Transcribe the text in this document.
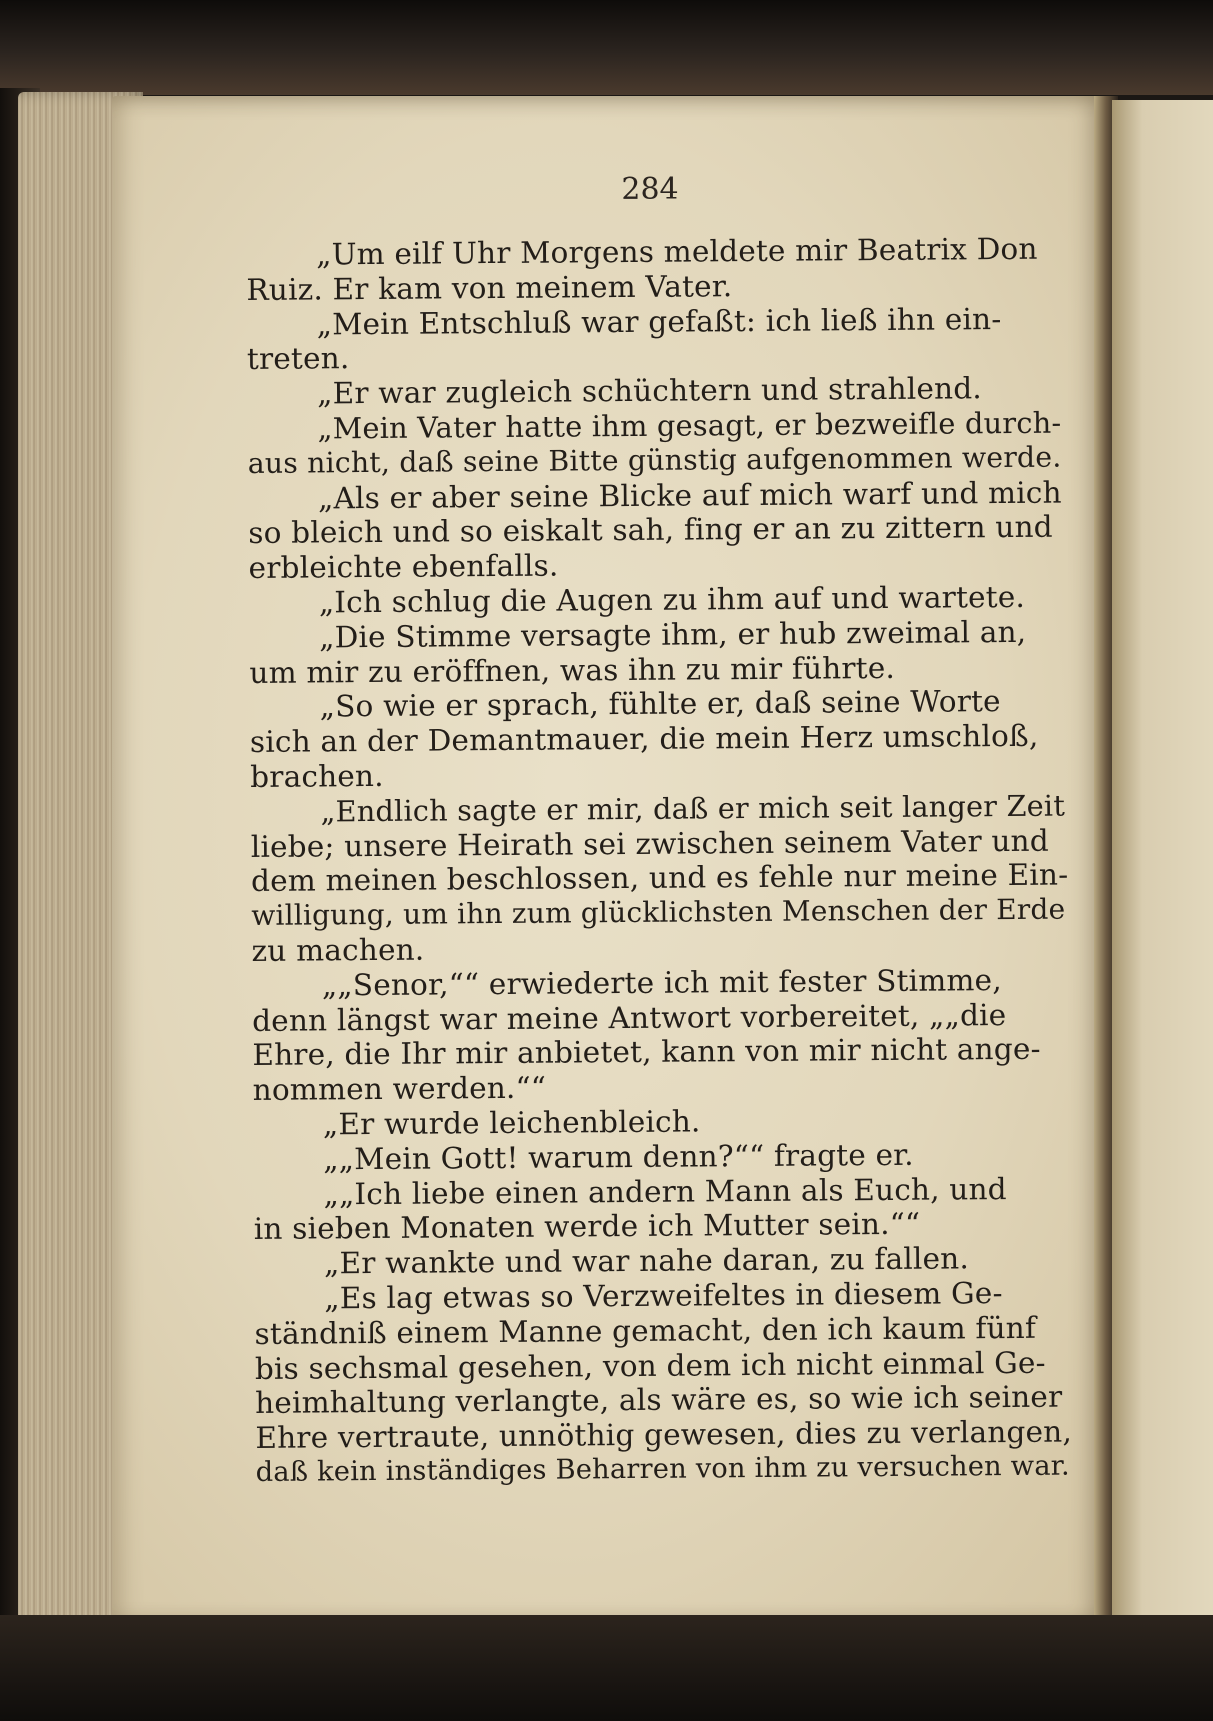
284
„Um eilf Uhr Morgens meldete mir Beatrix Don
Ruiz. Er kam von meinem Vater.
„Mein Entschluß war gefaßt: ich ließ ihn ein-
treten.
„Er war zugleich schüchtern und strahlend.
„Mein Vater hatte ihm gesagt, er bezweifle durch-
aus nicht, daß seine Bitte günstig aufgenommen werde.
„Als er aber seine Blicke auf mich warf und mich
so bleich und so eiskalt sah, fing er an zu zittern und
erbleichte ebenfalls.
„Ich schlug die Augen zu ihm auf und wartete.
„Die Stimme versagte ihm, er hub zweimal an,
um mir zu eröffnen, was ihn zu mir führte.
„So wie er sprach, fühlte er, daß seine Worte
sich an der Demantmauer, die mein Herz umschloß,
brachen.
„Endlich sagte er mir, daß er mich seit langer Zeit
liebe; unsere Heirath sei zwischen seinem Vater und
dem meinen beschlossen, und es fehle nur meine Ein-
willigung, um ihn zum glücklichsten Menschen der Erde
zu machen.
„„Senor,““ erwiederte ich mit fester Stimme,
denn längst war meine Antwort vorbereitet, „„die
Ehre, die Ihr mir anbietet, kann von mir nicht ange-
nommen werden.““
„Er wurde leichenbleich.
„„Mein Gott! warum denn?““ fragte er.
„„Ich liebe einen andern Mann als Euch, und
in sieben Monaten werde ich Mutter sein.““
„Er wankte und war nahe daran, zu fallen.
„Es lag etwas so Verzweifeltes in diesem Ge-
ständniß einem Manne gemacht, den ich kaum fünf
bis sechsmal gesehen, von dem ich nicht einmal Ge-
heimhaltung verlangte, als wäre es, so wie ich seiner
Ehre vertraute, unnöthig gewesen, dies zu verlangen,
daß kein inständiges Beharren von ihm zu versuchen war.
